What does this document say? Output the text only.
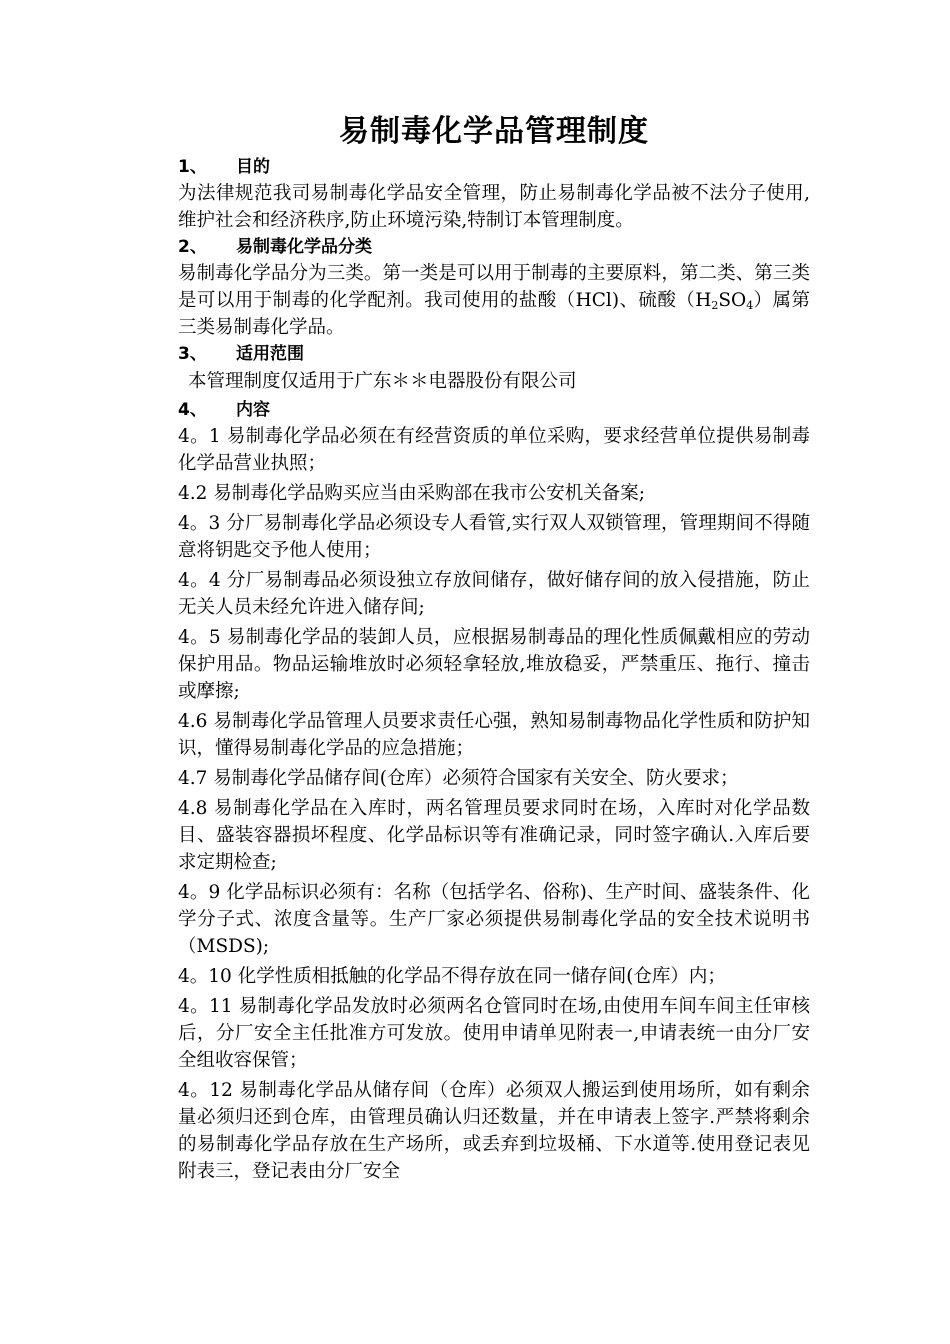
易制毒化学品管理制度
1、	目的

为法律规范我司易制毒化学品安全管理，防止易制毒化学品被不法分子使用,维护社会和经济秩序,防止环境污染,特制订本管理制度。

2、	易制毒化学品分类

易制毒化学品分为三类。第一类是可以用于制毒的主要原料，第二类、第三类是可以用于制毒的化学配剂。我司使用的盐酸（HCl)、硫酸$(H_2SO_4)$属第三类易制毒化学品。

3、	适用范围

本管理制度仅适用于广东＊＊电器股份有限公司

4、	内容

4。1 易制毒化学品必须在有经营资质的单位采购，要求经营单位提供易制毒化学品营业执照；

4.2 易制毒化学品购买应当由采购部在我市公安机关备案;

4。3 分厂易制毒化学品必须设专人看管,实行双人双锁管理，管理期间不得随意将钥匙交予他人使用；

4。4 分厂易制毒品必须设独立存放间储存，做好储存间的放入侵措施，防止无关人员未经允许进入储存间;

4。5 易制毒化学品的装卸人员，应根据易制毒品的理化性质佩戴相应的劳动保护用品。物品运输堆放时必须轻拿轻放,堆放稳妥，严禁重压、拖行、撞击或摩擦;

4.6 易制毒化学品管理人员要求责任心强，熟知易制毒物品化学性质和防护知识，懂得易制毒化学品的应急措施；

4.7 易制毒化学品储存间(仓库）必须符合国家有关安全、防火要求；

4.8 易制毒化学品在入库时，两名管理员要求同时在场，入库时对化学品数目、盛装容器损坏程度、化学品标识等有准确记录，同时签字确认.入库后要求定期检查;

4。9 化学品标识必须有：名称（包括学名、俗称)、生产时间、盛装条件、化学分子式、浓度含量等。生产厂家必须提供易制毒化学品的安全技术说明书（MSDS);

4。10 化学性质相抵触的化学品不得存放在同一储存间(仓库）内；

4。11 易制毒化学品发放时必须两名仓管同时在场,由使用车间车间主任审核后，分厂安全主任批准方可发放。使用申请单见附表一,申请表统一由分厂安全组收容保管；

4。12 易制毒化学品从储存间（仓库）必须双人搬运到使用场所，如有剩余量必须归还到仓库，由管理员确认归还数量，并在申请表上签字.严禁将剩余的易制毒化学品存放在生产场所，或丢弃到垃圾桶、下水道等.使用登记表见附表三，登记表由分厂安全
